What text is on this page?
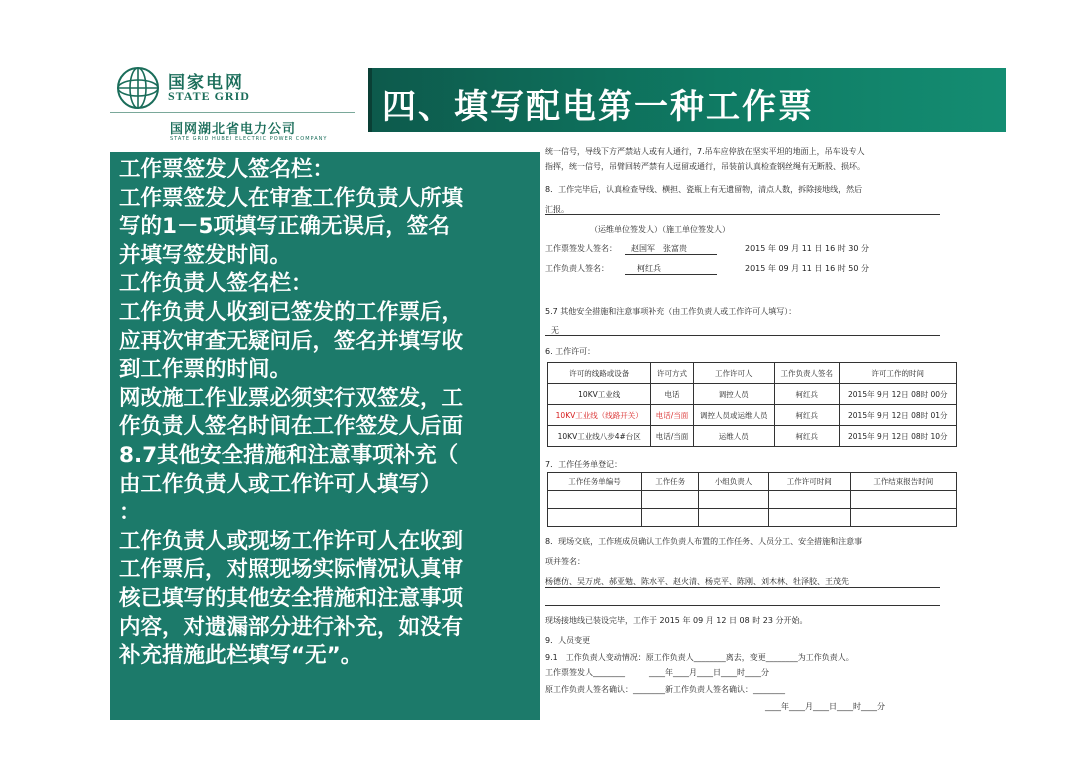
国家电网
STATE GRID
国网湖北省电力公司
STATE GRID HUBEI ELECTRIC POWER COMPANY
四、填写配电第一种工作票
工作票签发人签名栏：
工作票签发人在审查工作负责人所填
写的1－5项填写正确无误后，签名
并填写签发时间。
工作负责人签名栏：
工作负责人收到已签发的工作票后，
应再次审查无疑问后，签名并填写收
到工作票的时间。
网改施工作业票必须实行双签发，工
作负责人签名时间在工作签发人后面
8.7其他安全措施和注意事项补充（
由工作负责人或工作许可人填写）
：
工作负责人或现场工作许可人在收到
工作票后，对照现场实际情况认真审
核已填写的其他安全措施和注意事项
内容，对遗漏部分进行补充，如没有
补充措施此栏填写“无”。
统一信号，导线下方严禁站人或有人通行，7.吊车应停放在坚实平坦的地面上，吊车设专人
指挥，统一信号，吊臂回转严禁有人逗留或通行，吊装前认真检查钢丝绳有无断股、损坏。
8．工作完毕后，认真检查导线、横担、瓷瓶上有无遗留物，清点人数，拆除接地线，然后
汇报。
（运维单位签发人）（施工单位签发人）
工作票签发人签名： 赵国军　张富贵	2015 年 09 月 11 日 16 时 30 分
工作负责人签名：	柯红兵	2015 年 09 月 11 日 16 时 50 分
5.7 其他安全措施和注意事项补充（由工作负责人或工作许可人填写）：
无
6. 工作许可：
许可的线路或设备	许可方式	工作许可人	工作负责人签名	许可工作的时间
10KV工业线	电话	调控人员	柯红兵	2015年 9月 12日 08时 00分
10KV工业线（线路开关）	电话/当面	调控人员或运维人员	柯红兵	2015年 9月 12日 08时 01分
10KV工业线八步4#台区	电话/当面	运维人员	柯红兵	2015年 9月 12日 08时 10分
7．工作任务单登记：
工作任务单编号	工作任务	小组负责人	工作许可时间	工作结束报告时间

8．现场交底，工作班成员确认工作负责人布置的工作任务、人员分工、安全措施和注意事
项并签名：
杨德仿、吴万虎、郝亚勉、陈水平、赵火清、杨克平、陈刚、刘木林、牡泽胶、王茂先
现场接地线已装设完毕，工作于 2015 年 09 月 12 日 08 时 23 分开始。
9．人员变更
9.1　工作负责人变动情况：原工作负责人________离去，变更________为工作负责人。
工作票签发人________　　　____年____月____日____时____分
原工作负责人签名确认：________新工作负责人签名确认：________
____年____月____日____时____分
